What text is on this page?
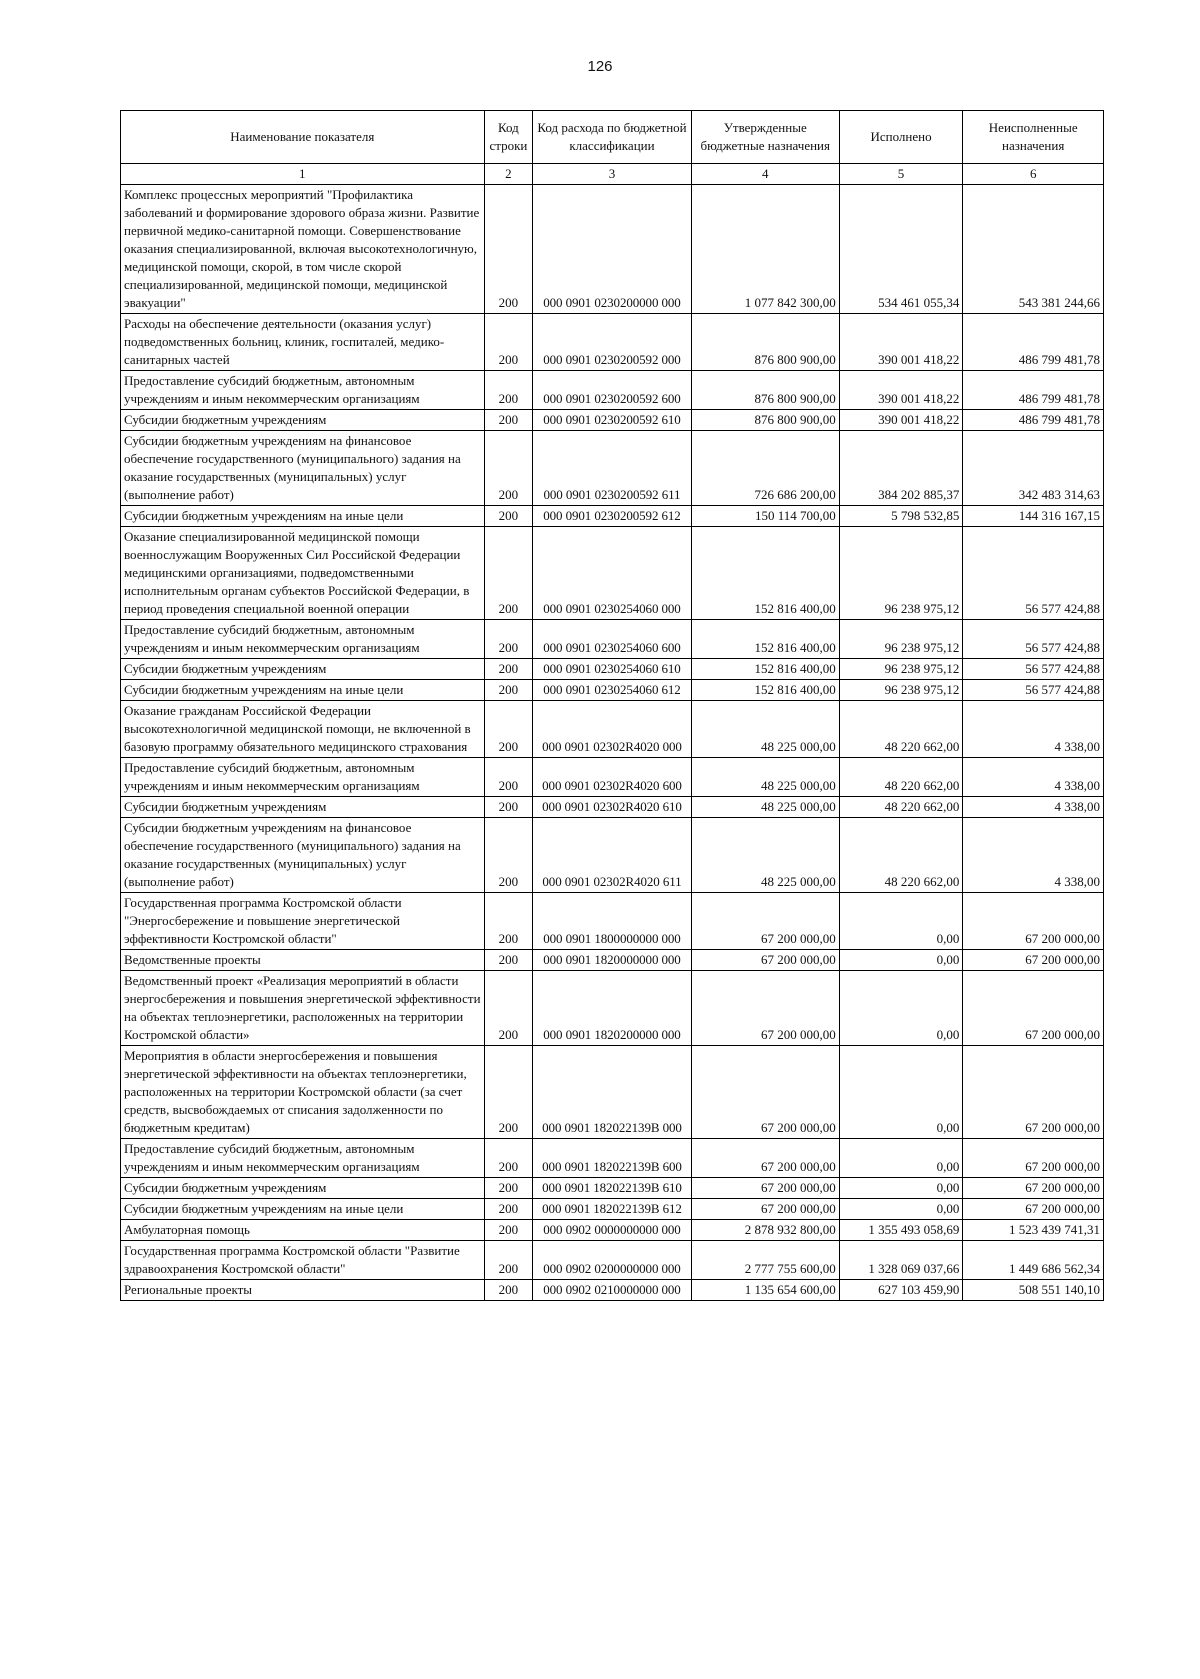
126
Наименование показателя	Код строки	Код расхода по бюджетной классификации	Утвержденные бюджетные назначения	Исполнено	Неисполненные назначения
1	2	3	4	5	6
Комплекс процессных мероприятий "Профилактика заболеваний и формирование здорового образа жизни. Развитие первичной медико-санитарной помощи. Совершенствование оказания специализированной, включая высокотехнологичную, медицинской помощи, скорой, в том числе скорой специализированной, медицинской помощи, медицинской эвакуации"	200	000 0901 0230200000 000	1 077 842 300,00	534 461 055,34	543 381 244,66
Расходы на обеспечение деятельности (оказания услуг) подведомственных больниц, клиник, госпиталей, медико-санитарных частей	200	000 0901 0230200592 000	876 800 900,00	390 001 418,22	486 799 481,78
Предоставление субсидий бюджетным, автономным учреждениям и иным некоммерческим организациям	200	000 0901 0230200592 600	876 800 900,00	390 001 418,22	486 799 481,78
Субсидии бюджетным учреждениям	200	000 0901 0230200592 610	876 800 900,00	390 001 418,22	486 799 481,78
Субсидии бюджетным учреждениям на финансовое обеспечение государственного (муниципального) задания на оказание государственных (муниципальных) услуг (выполнение работ)	200	000 0901 0230200592 611	726 686 200,00	384 202 885,37	342 483 314,63
Субсидии бюджетным учреждениям на иные цели	200	000 0901 0230200592 612	150 114 700,00	5 798 532,85	144 316 167,15
Оказание специализированной медицинской помощи военнослужащим Вооруженных Сил Российской Федерации медицинскими организациями, подведомственными исполнительным органам субъектов Российской Федерации, в период проведения специальной военной операции	200	000 0901 0230254060 000	152 816 400,00	96 238 975,12	56 577 424,88
Предоставление субсидий бюджетным, автономным учреждениям и иным некоммерческим организациям	200	000 0901 0230254060 600	152 816 400,00	96 238 975,12	56 577 424,88
Субсидии бюджетным учреждениям	200	000 0901 0230254060 610	152 816 400,00	96 238 975,12	56 577 424,88
Субсидии бюджетным учреждениям на иные цели	200	000 0901 0230254060 612	152 816 400,00	96 238 975,12	56 577 424,88
Оказание гражданам Российской Федерации высокотехнологичной медицинской помощи, не включенной в базовую программу обязательного медицинского страхования	200	000 0901 02302R4020 000	48 225 000,00	48 220 662,00	4 338,00
Предоставление субсидий бюджетным, автономным учреждениям и иным некоммерческим организациям	200	000 0901 02302R4020 600	48 225 000,00	48 220 662,00	4 338,00
Субсидии бюджетным учреждениям	200	000 0901 02302R4020 610	48 225 000,00	48 220 662,00	4 338,00
Субсидии бюджетным учреждениям на финансовое обеспечение государственного (муниципального) задания на оказание государственных (муниципальных) услуг (выполнение работ)	200	000 0901 02302R4020 611	48 225 000,00	48 220 662,00	4 338,00
Государственная программа Костромской области "Энергосбережение и повышение энергетической эффективности Костромской области"	200	000 0901 1800000000 000	67 200 000,00	0,00	67 200 000,00
Ведомственные проекты	200	000 0901 1820000000 000	67 200 000,00	0,00	67 200 000,00
Ведомственный проект «Реализация мероприятий в области энергосбережения и повышения энергетической эффективности на объектах теплоэнергетики, расположенных на территории Костромской области»	200	000 0901 1820200000 000	67 200 000,00	0,00	67 200 000,00
Мероприятия в области энергосбережения и повышения энергетической эффективности на объектах теплоэнергетики, расположенных на территории Костромской области (за счет средств, высвобождаемых от списания задолженности по бюджетным кредитам)	200	000 0901 182022139B 000	67 200 000,00	0,00	67 200 000,00
Предоставление субсидий бюджетным, автономным учреждениям и иным некоммерческим организациям	200	000 0901 182022139B 600	67 200 000,00	0,00	67 200 000,00
Субсидии бюджетным учреждениям	200	000 0901 182022139B 610	67 200 000,00	0,00	67 200 000,00
Субсидии бюджетным учреждениям на иные цели	200	000 0901 182022139B 612	67 200 000,00	0,00	67 200 000,00
Амбулаторная помощь	200	000 0902 0000000000 000	2 878 932 800,00	1 355 493 058,69	1 523 439 741,31
Государственная программа Костромской области "Развитие здравоохранения Костромской области"	200	000 0902 0200000000 000	2 777 755 600,00	1 328 069 037,66	1 449 686 562,34
Региональные проекты	200	000 0902 0210000000 000	1 135 654 600,00	627 103 459,90	508 551 140,10
